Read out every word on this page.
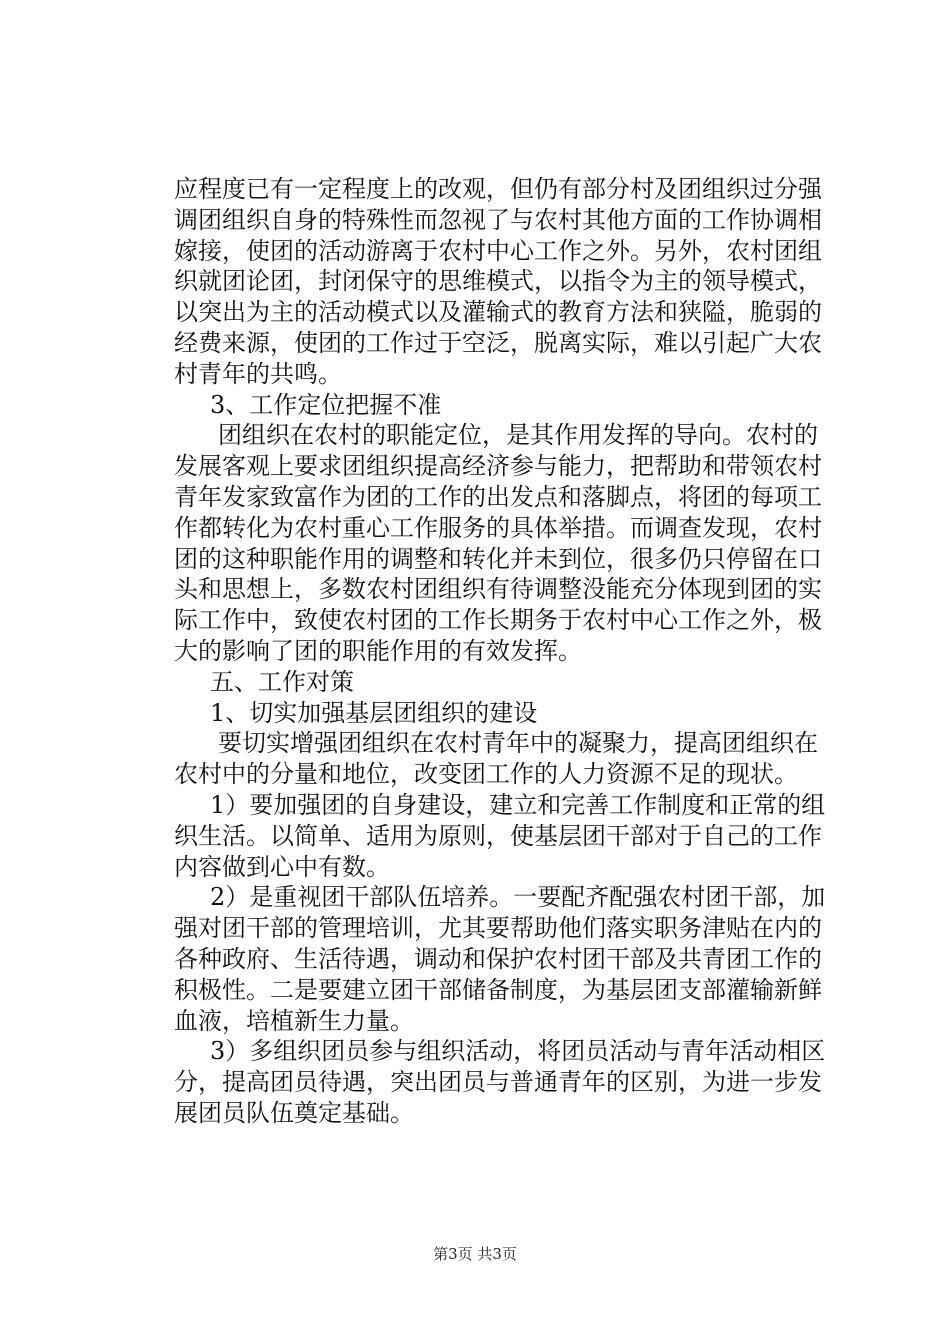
应程度已有一定程度上的改观，但仍有部分村及团组织过分强
调团组织自身的特殊性而忽视了与农村其他方面的工作协调相
嫁接，使团的活动游离于农村中心工作之外。另外，农村团组
织就团论团，封闭保守的思维模式，以指令为主的领导模式，
以突出为主的活动模式以及灌输式的教育方法和狭隘，脆弱的
经费来源，使团的工作过于空泛，脱离实际，难以引起广大农
村青年的共鸣。
3、工作定位把握不准
团组织在农村的职能定位，是其作用发挥的导向。农村的
发展客观上要求团组织提高经济参与能力，把帮助和带领农村
青年发家致富作为团的工作的出发点和落脚点，将团的每项工
作都转化为农村重心工作服务的具体举措。而调查发现，农村
团的这种职能作用的调整和转化并未到位，很多仍只停留在口
头和思想上，多数农村团组织有待调整没能充分体现到团的实
际工作中，致使农村团的工作长期务于农村中心工作之外，极
大的影响了团的职能作用的有效发挥。
五、工作对策
1、切实加强基层团组织的建设
要切实增强团组织在农村青年中的凝聚力，提高团组织在
农村中的分量和地位，改变团工作的人力资源不足的现状。
1）要加强团的自身建设，建立和完善工作制度和正常的组
织生活。以简单、适用为原则，使基层团干部对于自己的工作
内容做到心中有数。
2）是重视团干部队伍培养。一要配齐配强农村团干部，加
强对团干部的管理培训，尤其要帮助他们落实职务津贴在内的
各种政府、生活待遇，调动和保护农村团干部及共青团工作的
积极性。二是要建立团干部储备制度，为基层团支部灌输新鲜
血液，培植新生力量。
3）多组织团员参与组织活动，将团员活动与青年活动相区
分，提高团员待遇，突出团员与普通青年的区别，为进一步发
展团员队伍奠定基础。
第3页 共3页
